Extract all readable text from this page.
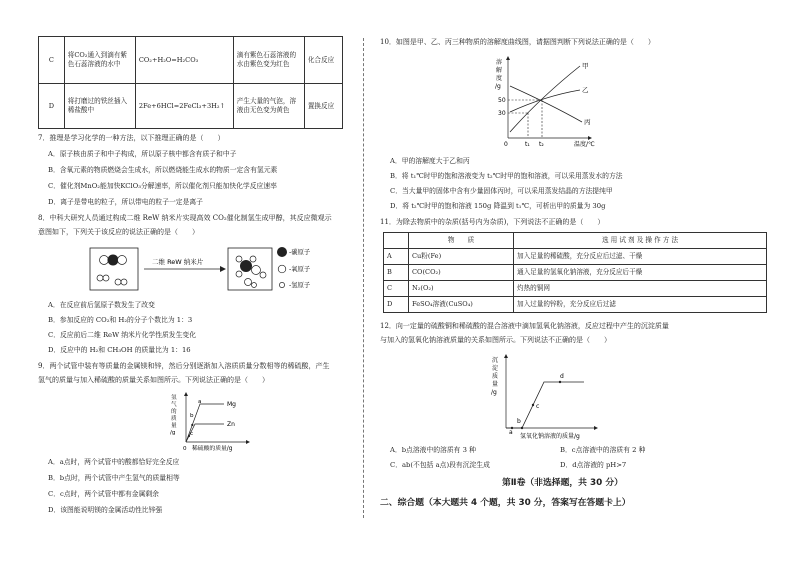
C	将CO₂通入到滴有紫色石蕊溶液的水中	CO₂+H₂O=H₂CO₃	滴有紫色石蕊溶液的水由紫色变为红色	化合反应
D	将打磨过的铁丝插入稀盐酸中	2Fe+6HCl=2FeCl₃+3H₂↑	产生大量的气泡，溶液由无色变为黄色	置换反应
7．推理是学习化学的一种方法，以下推理正确的是（　　）
A．原子核由质子和中子构成，所以原子核中都含有质子和中子
B．含氧元素的物质燃烧会生成水，所以燃烧能生成水的物质一定含有氢元素
C．催化剂MnO₂能加快KClO₃分解速率，所以催化剂只能加快化学反应速率
D．离子是带电的粒子，所以带电的粒子一定是离子
8．中科大研究人员通过构成二维 ReW 纳米片实现高效 CO₂催化制氢生成甲醇，其反应微观示
意图如下，下列关于该反应的说法正确的是（　　）
二维 ReW 纳米片
-碳原子
-氧原子
-氢原子
A．在反应前后氢原子数发生了改变
B．参加反应的 CO₂和 H₂的分子个数比为 1：3
C．反应前后二维 ReW 纳米片化学性质发生变化
D．反应中的 H₂和 CH₃OH 的质量比为 1：16
9．两个试管中装有等质量的金属镁和锌，然后分别逐渐加入溶质质量分数相等的稀硫酸，产生
氢气的质量与加入稀硫酸的质量关系如图所示。下列说法正确的是（　　）
氢
气
的
质
量
/g
Mg
Zn
a
b
c
0 稀硫酸的质量/g
A．a点时，两个试管中的酸都恰好完全反应
B．b点时，两个试管中产生氢气的质量相等
C．c点时，两个试管中都有金属剩余
D．该图能说明镁的金属活动性比锌强
10．如图是甲、乙、丙三种物质的溶解度曲线图，请据图判断下列说法正确的是（　　）
溶
解
度
/g
50
30
甲
乙
丙
0	t₁ t₂	温度/℃
A．甲的溶解度大于乙和丙
B．将 t₁℃时甲的饱和溶液变为 t₂℃时甲的饱和溶液，可以采用蒸发水的方法
C．当大量甲的固体中含有少量固体丙时，可以采用蒸发结晶的方法提纯甲
D．将 t₂℃时甲的饱和溶液 150g 降温到 t₁℃，可析出甲的质量为 30g
11．为除去物质中的杂质(括号内为杂质)，下列说法不正确的是（　　）
	物　　质	选 用 试 剂 及 操 作 方 法
A	Cu粉(Fe)	加入足量的稀硫酸，充分反应后过滤、干燥
B	CO(CO₂)	通入足量的氢氧化钠溶液，充分反应后干燥
C	N₂(O₂)	灼热的铜网
D	FeSO₄溶液(CuSO₄)	加入过量的锌粉，充分反应后过滤
12．向一定量的硫酸铜和稀硫酸的混合溶液中滴加氢氧化钠溶液，反应过程中产生的沉淀质量
与加入的氢氧化钠溶液质量的关系如图所示。下列说法不正确的是（　　）
沉
淀
质
量
/g
a
b
c
d
氢氧化钠溶液的质量/g
A．b点溶液中的溶质有 3 种	B．c点溶液中的溶质有 2 种
C．ab(不包括 a点)段有沉淀生成	D．d点溶液的 pH>7
第Ⅱ卷（非选择题，共 30 分）
二、综合题（本大题共 4 个题，共 30 分，答案写在答题卡上）
